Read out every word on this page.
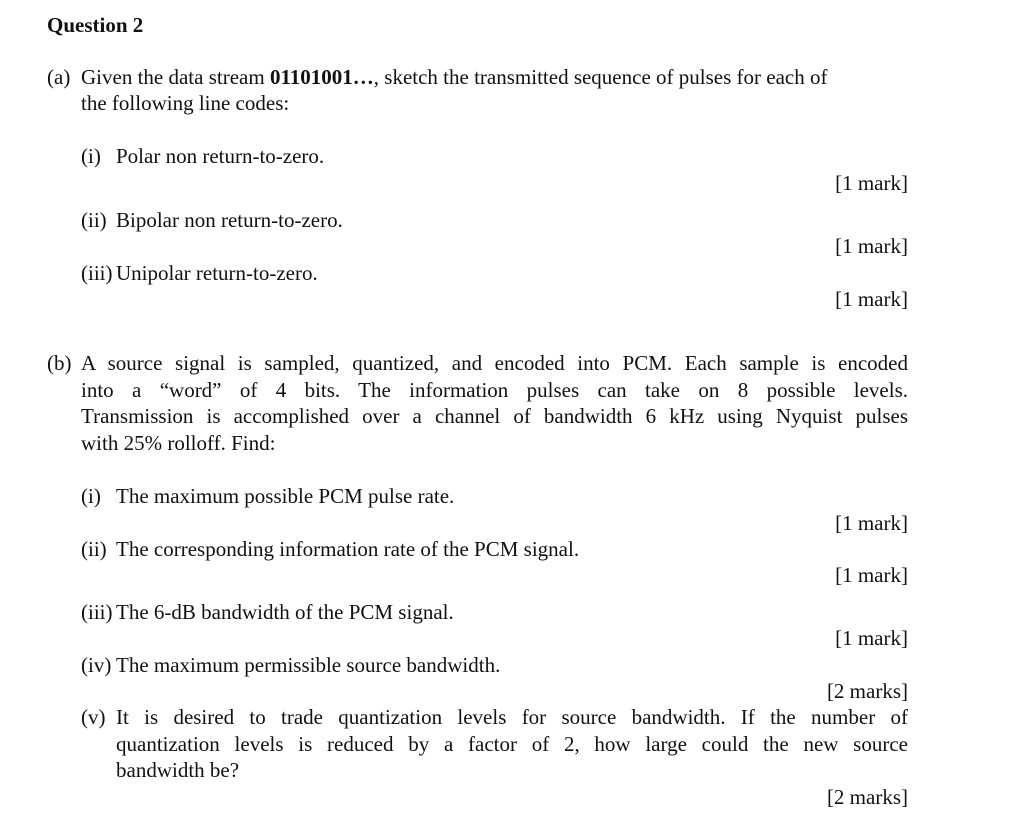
Question 2
(a) Given the data stream 01101001…, sketch the transmitted sequence of pulses for each of
the following line codes:
(i) Polar non return-to-zero.
[1 mark]
(ii) Bipolar non return-to-zero.
[1 mark]
(iii) Unipolar return-to-zero.
[1 mark]
(b) A source signal is sampled, quantized, and encoded into PCM. Each sample is encoded
into a “word” of 4 bits. The information pulses can take on 8 possible levels.
Transmission is accomplished over a channel of bandwidth 6 kHz using Nyquist pulses
with 25% rolloff. Find:
(i) The maximum possible PCM pulse rate.
[1 mark]
(ii) The corresponding information rate of the PCM signal.
[1 mark]
(iii) The 6-dB bandwidth of the PCM signal.
[1 mark]
(iv) The maximum permissible source bandwidth.
[2 marks]
(v) It is desired to trade quantization levels for source bandwidth. If the number of
quantization levels is reduced by a factor of 2, how large could the new source
bandwidth be?
[2 marks]
